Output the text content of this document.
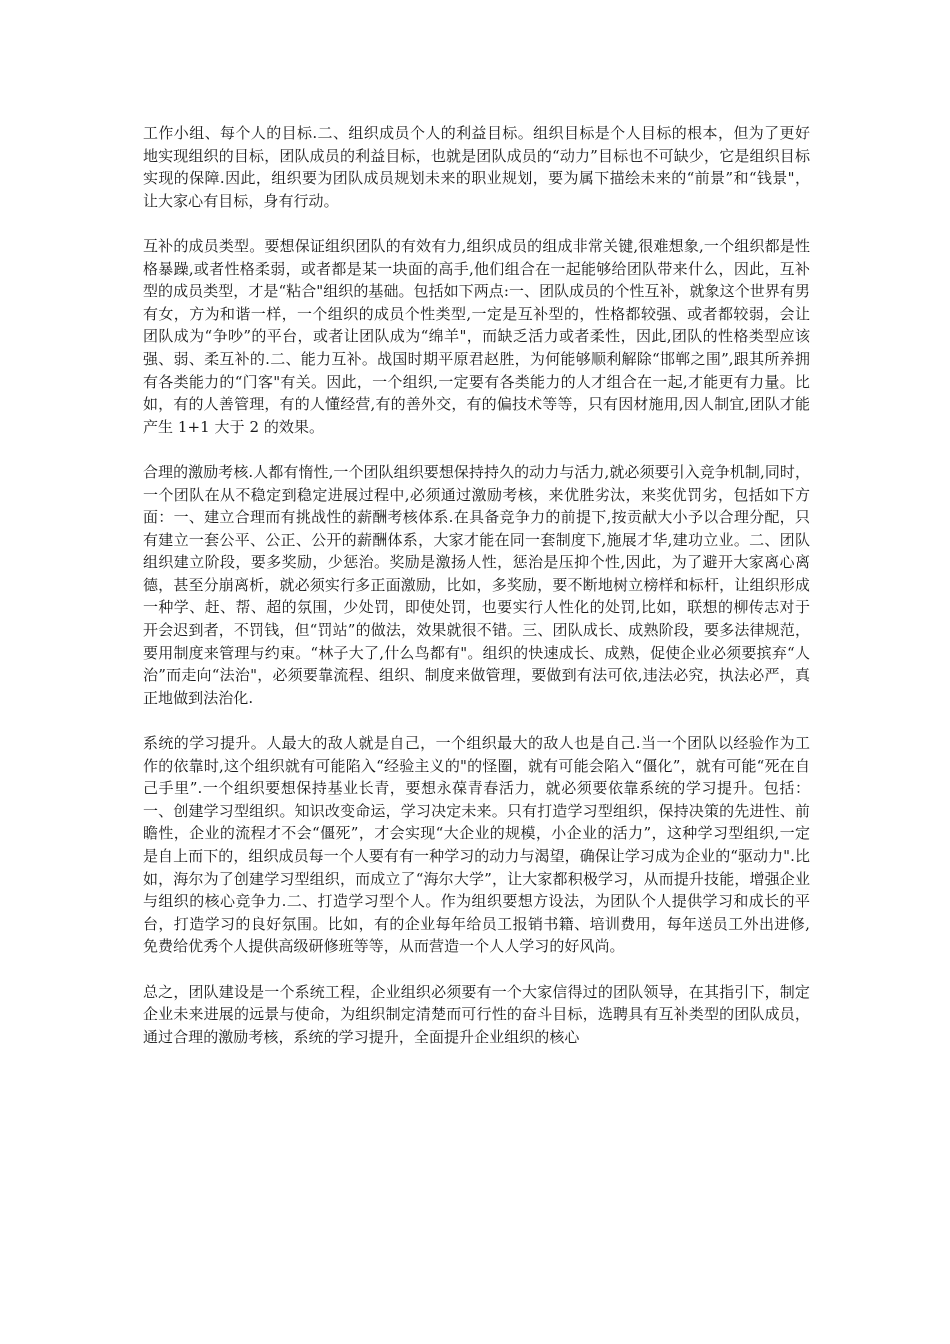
工作小组、每个人的目标.二、组织成员个人的利益目标。组织目标是个人目标的根本，但为了更好地实现组织的目标，团队成员的利益目标，也就是团队成员的“动力”目标也不可缺少，它是组织目标实现的保障.因此，组织要为团队成员规划未来的职业规划，要为属下描绘未来的“前景”和“钱景"，让大家心有目标，身有行动。

互补的成员类型。要想保证组织团队的有效有力,组织成员的组成非常关键,很难想象,一个组织都是性格暴躁,或者性格柔弱，或者都是某一块面的高手,他们组合在一起能够给团队带来什么，因此，互补型的成员类型，才是“粘合"组织的基础。包括如下两点:一、团队成员的个性互补，就象这个世界有男有女，方为和谐一样，一个组织的成员个性类型,一定是互补型的，性格都较强、或者都较弱，会让团队成为“争吵”的平台，或者让团队成为“绵羊"，而缺乏活力或者柔性，因此,团队的性格类型应该强、弱、柔互补的.二、能力互补。战国时期平原君赵胜，为何能够顺利解除“邯郸之围”,跟其所养拥有各类能力的“门客"有关。因此，一个组织,一定要有各类能力的人才组合在一起,才能更有力量。比如，有的人善管理，有的人懂经营,有的善外交，有的偏技术等等，只有因材施用,因人制宜,团队才能产生 1+1 大于 2 的效果。

合理的激励考核.人都有惰性,一个团队组织要想保持持久的动力与活力,就必须要引入竞争机制,同时，一个团队在从不稳定到稳定进展过程中,必须通过激励考核，来优胜劣汰，来奖优罚劣，包括如下方面：一、建立合理而有挑战性的薪酬考核体系.在具备竞争力的前提下,按贡献大小予以合理分配，只有建立一套公平、公正、公开的薪酬体系，大家才能在同一套制度下,施展才华,建功立业。二、团队组织建立阶段，要多奖励，少惩治。奖励是激扬人性，惩治是压抑个性,因此，为了避开大家离心离德，甚至分崩离析，就必须实行多正面激励，比如，多奖励，要不断地树立榜样和标杆，让组织形成一种学、赶、帮、超的氛围，少处罚，即使处罚，也要实行人性化的处罚,比如，联想的柳传志对于开会迟到者，不罚钱，但“罚站”的做法，效果就很不错。三、团队成长、成熟阶段，要多法律规范，要用制度来管理与约束。“林子大了,什么鸟都有"。组织的快速成长、成熟，促使企业必须要摈弃“人治”而走向“法治"，必须要靠流程、组织、制度来做管理，要做到有法可依,违法必究，执法必严，真正地做到法治化.

系统的学习提升。人最大的敌人就是自己，一个组织最大的敌人也是自己.当一个团队以经验作为工作的依靠时,这个组织就有可能陷入“经验主义的"的怪圈，就有可能会陷入“僵化”，就有可能“死在自己手里”.一个组织要想保持基业长青，要想永葆青春活力，就必须要依靠系统的学习提升。包括：一、创建学习型组织。知识改变命运，学习决定未来。只有打造学习型组织，保持决策的先进性、前瞻性，企业的流程才不会“僵死”，才会实现“大企业的规模，小企业的活力”，这种学习型组织,一定是自上而下的，组织成员每一个人要有有一种学习的动力与渴望，确保让学习成为企业的“驱动力".比如，海尔为了创建学习型组织，而成立了“海尔大学”，让大家都积极学习，从而提升技能，增强企业与组织的核心竞争力.二、打造学习型个人。作为组织要想方设法，为团队个人提供学习和成长的平台，打造学习的良好氛围。比如，有的企业每年给员工报销书籍、培训费用，每年送员工外出进修,免费给优秀个人提供高级研修班等等，从而营造一个人人学习的好风尚。

总之，团队建设是一个系统工程，企业组织必须要有一个大家信得过的团队领导，在其指引下，制定企业未来进展的远景与使命，为组织制定清楚而可行性的奋斗目标，选聘具有互补类型的团队成员，通过合理的激励考核，系统的学习提升，全面提升企业组织的核心
